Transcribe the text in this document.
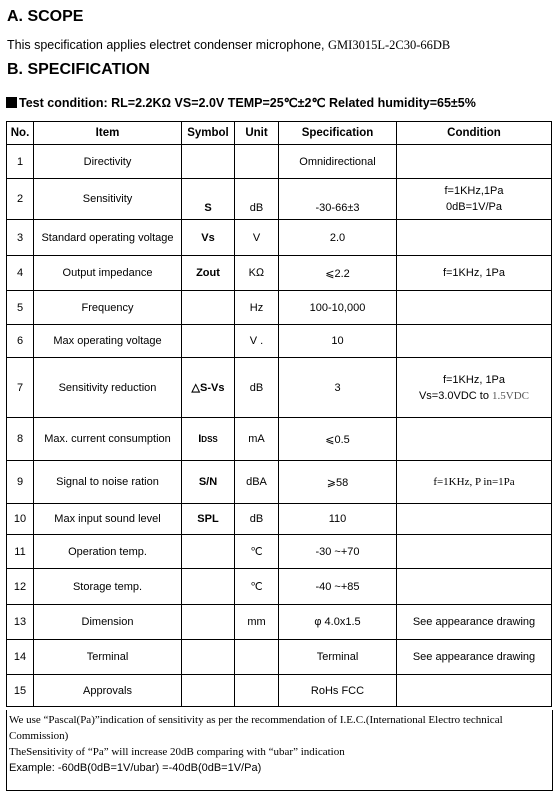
A. SCOPE
This specification applies electret condenser microphone, GMI3015L-2C30-66DB
B. SPECIFICATION
Test condition: RL=2.2KΩ VS=2.0V TEMP=25℃±2℃ Related humidity=65±5%
No.	Item	Symbol	Unit	Specification	Condition
1	Directivity			Omnidirectional	
2	Sensitivity	S	dB	-30-66±3	f=1KHz,1Pa
0dB=1V/Pa

3	Standard operating voltage	Vs	V	2.0	
4	Output impedance	Zout	KΩ	⩽2.2	f=1KHz, 1Pa
5	Frequency		Hz	100-10,000	
6	Max operating voltage		V .	10	
7	Sensitivity reduction	△S-Vs	dB	3	f=1KHz, 1Pa
Vs=3.0VDC to 1.5VDC

8	Max. current consumption	IDSS	mA	⩽0.5	
9	Signal to noise ration	S/N	dBA	⩾58	f=1KHz, P in=1Pa
10	Max input sound level	SPL	dB	110	
11	Operation temp.		℃	-30 ~+70	
12	Storage temp.		℃	-40 ~+85	
13	Dimension		mm	φ 4.0x1.5	See appearance drawing
14	Terminal			Terminal	See appearance drawing
15	Approvals			RoHs FCC	
We use “Pascal(Pa)”indication of sensitivity as per the recommendation of I.E.C.(International Electro technical
Commission)
TheSensitivity of “Pa” will increase 20dB comparing with “ubar” indication
Example: -60dB(0dB=1V/ubar) =-40dB(0dB=1V/Pa)
